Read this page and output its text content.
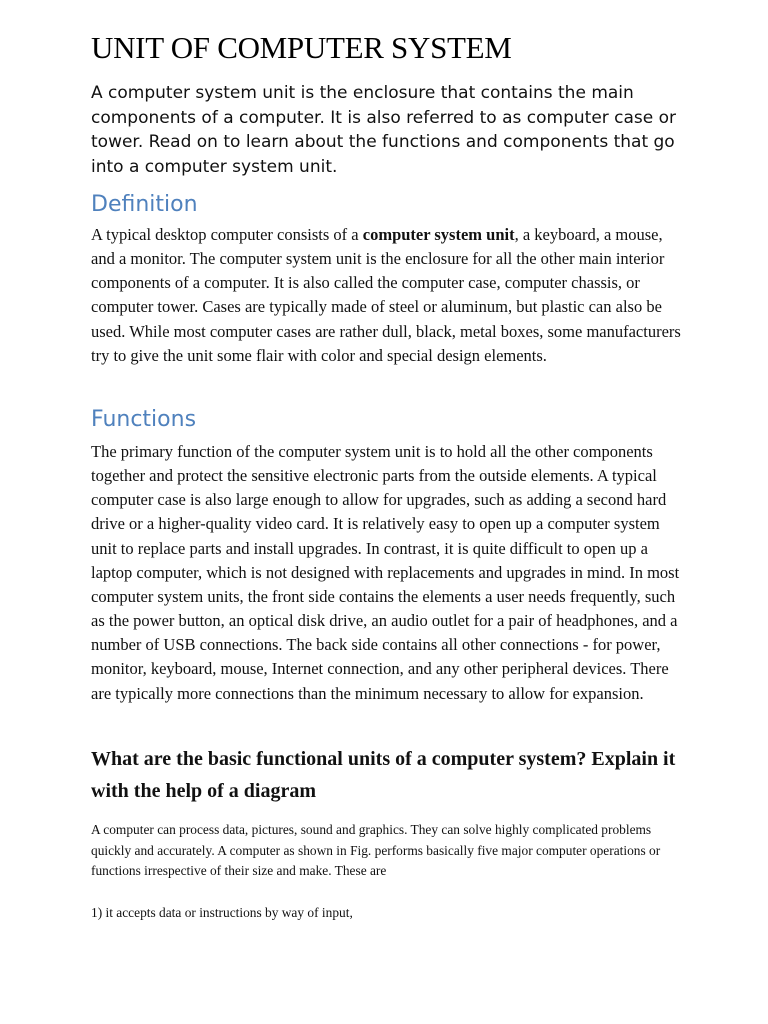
UNIT OF COMPUTER SYSTEM

A computer system unit is the enclosure that contains the main components of a computer. It is also referred to as computer case or tower. Read on to learn about the functions and components that go into a computer system unit.

Definition

A typical desktop computer consists of a computer system unit, a keyboard, a mouse, and a monitor. The computer system unit is the enclosure for all the other main interior components of a computer. It is also called the computer case, computer chassis, or computer tower. Cases are typically made of steel or aluminum, but plastic can also be used. While most computer cases are rather dull, black, metal boxes, some manufacturers try to give the unit some flair with color and special design elements.

Functions

The primary function of the computer system unit is to hold all the other components together and protect the sensitive electronic parts from the outside elements. A typical computer case is also large enough to allow for upgrades, such as adding a second hard drive or a higher-quality video card. It is relatively easy to open up a computer system unit to replace parts and install upgrades. In contrast, it is quite difficult to open up a laptop computer, which is not designed with replacements and upgrades in mind. In most computer system units, the front side contains the elements a user needs frequently, such as the power button, an optical disk drive, an audio outlet for a pair of headphones, and a number of USB connections. The back side contains all other connections - for power, monitor, keyboard, mouse, Internet connection, and any other peripheral devices. There are typically more connections than the minimum necessary to allow for expansion.

What are the basic functional units of a computer system? Explain it with the help of a diagram

A computer can process data, pictures, sound and graphics. They can solve highly complicated problems quickly and accurately. A computer as shown in Fig. performs basically five major computer operations or functions irrespective of their size and make. These are

1) it accepts data or instructions by way of input,
